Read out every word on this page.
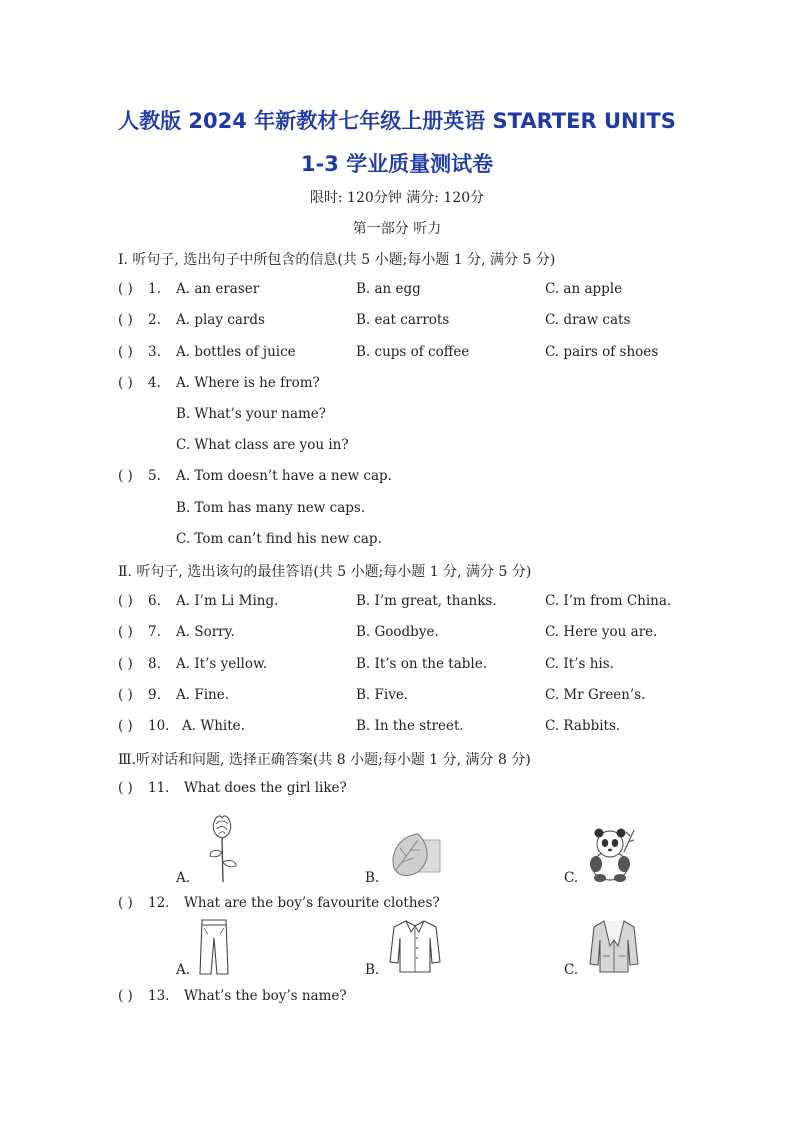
人教版 2024 年新教材七年级上册英语 STARTER UNITS
1-3 学业质量测试卷
限时: 120分钟 满分: 120分
第一部分 听力
Ⅰ. 听句子, 选出句子中所包含的信息(共 5 小题;每小题 1 分, 满分 5 分)
( ) 1. A. an eraser	B. an egg	C. an apple
( ) 2. A. play cards	B. eat carrots	C. draw cats
( ) 3. A. bottles of juice	B. cups of coffee	C. pairs of shoes
( ) 4. A. Where is he from?
B. What’s your name?
C. What class are you in?
( ) 5. A. Tom doesn’t have a new cap.
B. Tom has many new caps.
C. Tom can’t find his new cap.
Ⅱ. 听句子, 选出该句的最佳答语(共 5 小题;每小题 1 分, 满分 5 分)
( ) 6. A. I’m Li Ming.	B. I’m great, thanks.	C. I’m from China.
( ) 7. A. Sorry.	B. Goodbye.	C. Here you are.
( ) 8. A. It’s yellow.	B. It’s on the table.	C. It’s his.
( ) 9. A. Fine.	B. Five.	C. Mr Green’s.
( ) 10. A. White.	B. In the street.	C. Rabbits.
Ⅲ.听对话和问题, 选择正确答案(共 8 小题;每小题 1 分, 满分 8 分)
( ) 11. What does the girl like?
A.	B.	C.
( ) 12. What are the boy’s favourite clothes?
A.	B.	C.
( ) 13. What’s the boy’s name?
